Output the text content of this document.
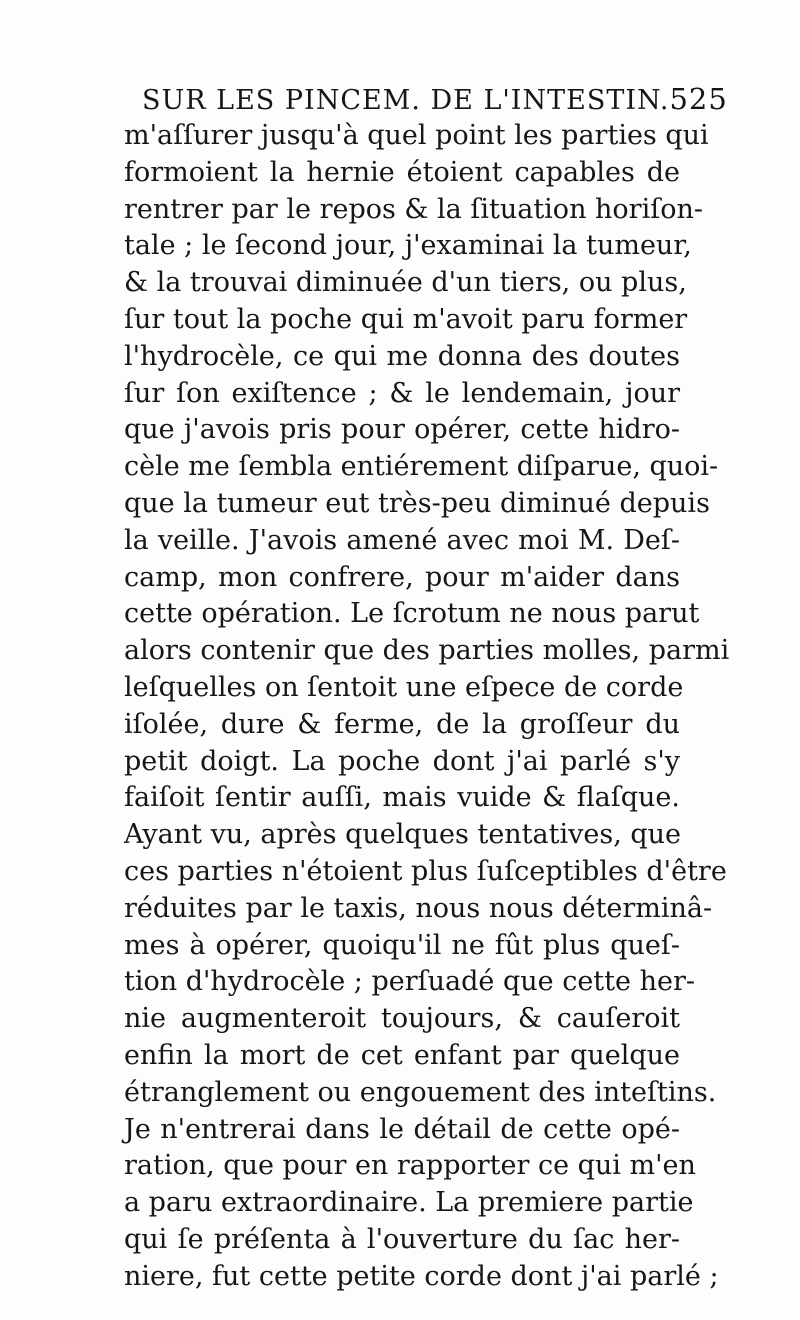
SUR LES PINCEM. DE L'INTESTIN. 525
m'aſſurer jusqu'à quel point les parties qui
formoient la hernie étoient capables de
rentrer par le repos & la ſituation horiſon-
tale ; le ſecond jour, j'examinai la tumeur,
& la trouvai diminuée d'un tiers, ou plus,
ſur tout la poche qui m'avoit paru former
l'hydrocèle, ce qui me donna des doutes
ſur ſon exiſtence ; & le lendemain, jour
que j'avois pris pour opérer, cette hidro-
cèle me ſembla entiérement diſparue, quoi-
que la tumeur eut très-peu diminué depuis
la veille. J'avois amené avec moi M. Deſ-
camp, mon confrere, pour m'aider dans
cette opération. Le ſcrotum ne nous parut
alors contenir que des parties molles, parmi
leſquelles on ſentoit une eſpece de corde
iſolée, dure & ferme, de la groſſeur du
petit doigt. La poche dont j'ai parlé s'y
faiſoit ſentir auſſi, mais vuide & flaſque.
Ayant vu, après quelques tentatives, que
ces parties n'étoient plus ſuſceptibles d'être
réduites par le taxis, nous nous déterminâ-
mes à opérer, quoiqu'il ne fût plus queſ-
tion d'hydrocèle ; perſuadé que cette her-
nie augmenteroit toujours, & cauſeroit
enfin la mort de cet enfant par quelque
étranglement ou engouement des inteſtins.
Je n'entrerai dans le détail de cette opé-
ration, que pour en rapporter ce qui m'en
a paru extraordinaire. La premiere partie
qui ſe préſenta à l'ouverture du ſac her-
niere, fut cette petite corde dont j'ai parlé ;
